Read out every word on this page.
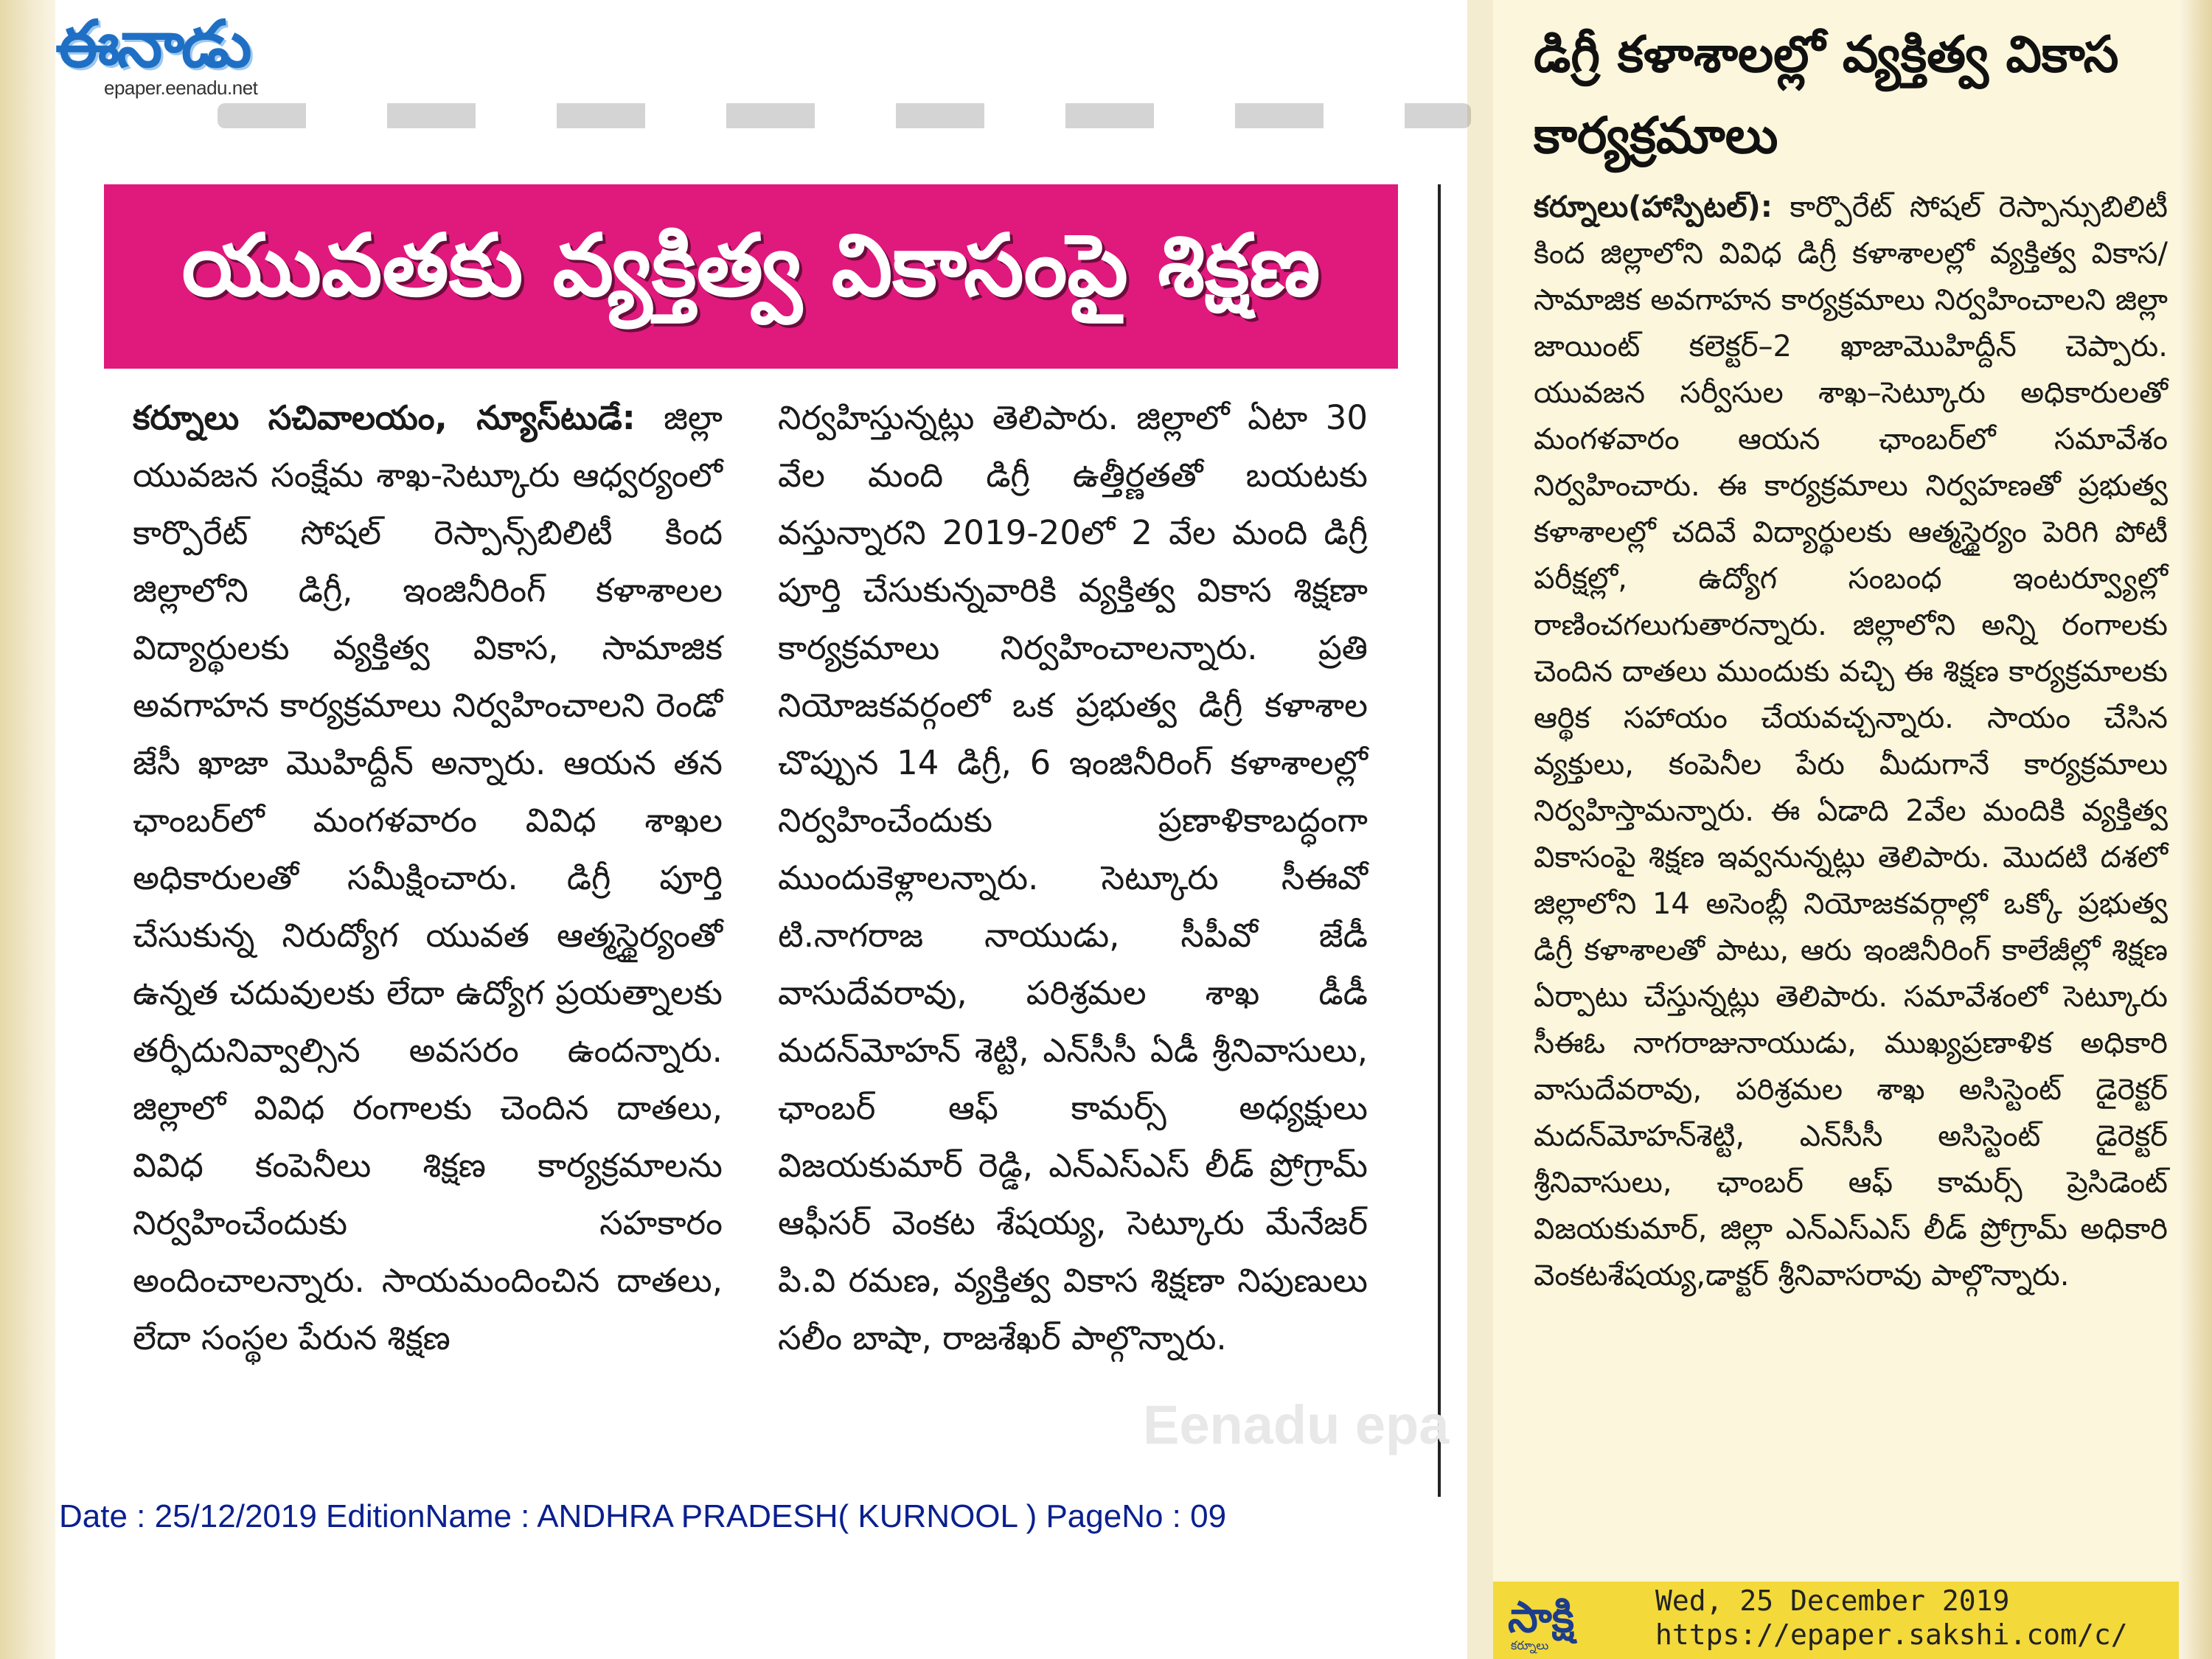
ఈనాడు
epaper.eenadu.net
యువతకు వ్యక్తిత్వ వికాసంపై శిక్షణ
కర్నూలు సచివాలయం, న్యూస్‌టుడే: జిల్లా యువజన సంక్షేమ శాఖ-సెట్కూరు ఆధ్వర్యంలో కార్పొరేట్‌ సోషల్‌ రెస్పాన్స్‌బిలిటీ కింద జిల్లాలోని డిగ్రీ, ఇంజినీరింగ్‌ కళాశాలల విద్యార్థులకు వ్యక్తిత్వ వికాస, సామాజిక అవగాహన కార్యక్రమాలు నిర్వహించాలని రెండో జేసీ ఖాజా మొహిద్దీన్‌ అన్నారు. ఆయన తన ఛాంబర్‌లో మంగళవారం వివిధ శాఖల అధికారులతో సమీక్షించారు. డిగ్రీ పూర్తి చేసుకున్న నిరుద్యోగ యువత ఆత్మస్థైర్యంతో ఉన్నత చదువులకు లేదా ఉద్యోగ ప్రయత్నాలకు తర్ఫీదునివ్వాల్సిన అవసరం ఉందన్నారు. జిల్లాలో వివిధ రంగాలకు చెందిన దాతలు, వివిధ కంపెనీలు శిక్షణ కార్యక్రమాలను నిర్వహించేందుకు సహకారం అందించాలన్నారు. సాయమందించిన దాతలు, లేదా సంస్థల పేరున శిక్షణ
నిర్వహిస్తున్నట్లు తెలిపారు. జిల్లాలో ఏటా 30 వేల మంది డిగ్రీ ఉత్తీర్ణతతో బయటకు వస్తున్నారని 2019-20లో 2 వేల మంది డిగ్రీ పూర్తి చేసుకున్నవారికి వ్యక్తిత్వ వికాస శిక్షణా కార్యక్రమాలు నిర్వహించాలన్నారు. ప్రతి నియోజకవర్గంలో ఒక ప్రభుత్వ డిగ్రీ కళాశాల చొప్పున 14 డిగ్రీ, 6 ఇంజినీరింగ్‌ కళాశాలల్లో నిర్వహించేందుకు ప్రణాళికాబద్ధంగా ముందుకెళ్లాలన్నారు. సెట్కూరు సీఈవో టి.నాగరాజ నాయుడు, సీపీవో జేడీ వాసుదేవరావు, పరిశ్రమల శాఖ డీడీ మదన్‌మోహన్‌ శెట్టి, ఎన్‌సీసీ ఏడీ శ్రీనివాసులు, ఛాంబర్‌ ఆఫ్‌ కామర్స్‌ అధ్యక్షులు విజయకుమార్‌ రెడ్డి, ఎన్‌ఎస్‌ఎస్‌ లీడ్‌ ప్రోగ్రామ్‌ ఆఫీసర్‌ వెంకట శేషయ్య, సెట్కూరు మేనేజర్‌ పి.వి రమణ, వ్యక్తిత్వ వికాస శిక్షణా నిపుణులు సలీం బాషా, రాజశేఖర్‌ పాల్గొన్నారు.
Eenadu epa
Date : 25/12/2019 EditionName : ANDHRA PRADESH( KURNOOL ) PageNo : 09
డిగ్రీ కళాశాలల్లో వ్యక్తిత్వ వికాస కార్యక్రమాలు
కర్నూలు(హాస్పిటల్‌): కార్పొరేట్‌ సోషల్‌ రెస్పాన్సుబిలిటీ కింద జిల్లాలోని వివిధ డిగ్రీ కళాశాలల్లో వ్యక్తిత్వ వికాస/సామాజిక అవగాహన కార్యక్రమాలు నిర్వహించాలని జిల్లా జాయింట్‌ కలెక్టర్‌–2 ఖాజామొహిద్దీన్‌ చెప్పారు. యువజన సర్వీసుల శాఖ–సెట్కూరు అధికారులతో మంగళవారం ఆయన ఛాంబర్‌లో సమావేశం నిర్వహించారు. ఈ కార్యక్రమాలు నిర్వహణతో ప్రభుత్వ కళాశాలల్లో చదివే విద్యార్థులకు ఆత్మస్థైర్యం పెరిగి పోటీ పరీక్షల్లో, ఉద్యోగ సంబంధ ఇంటర్వ్యూల్లో రాణించగలుగుతారన్నారు. జిల్లాలోని అన్ని రంగాలకు చెందిన దాతలు ముందుకు వచ్చి ఈ శిక్షణ కార్యక్రమాలకు ఆర్థిక సహాయం చేయవచ్చన్నారు. సాయం చేసిన వ్యక్తులు, కంపెనీల పేరు మీదుగానే కార్యక్రమాలు నిర్వహిస్తామన్నారు. ఈ ఏడాది 2వేల మందికి వ్యక్తిత్వ వికాసంపై శిక్షణ ఇవ్వనున్నట్లు తెలిపారు. మొదటి దశలో జిల్లాలోని 14 అసెంబ్లీ నియోజకవర్గాల్లో ఒక్కో ప్రభుత్వ డిగ్రీ కళాశాలతో పాటు, ఆరు ఇంజినీరింగ్‌ కాలేజీల్లో శిక్షణ ఏర్పాటు చేస్తున్నట్లు తెలిపారు. సమావేశంలో సెట్కూరు సీఈఓ నాగరాజునాయుడు, ముఖ్యప్రణాళిక అధికారి వాసుదేవరావు, పరిశ్రమల శాఖ అసిస్టెంట్‌ డైరెక్టర్‌ మదన్‌మోహన్‌శెట్టి, ఎన్‌సీసీ అసిస్టెంట్‌ డైరెక్టర్‌ శ్రీనివాసులు, ఛాంబర్‌ ఆఫ్‌ కామర్స్‌ ప్రెసిడెంట్‌ విజయకుమార్‌, జిల్లా ఎన్‌ఎస్‌ఎస్‌ లీడ్‌ ప్రోగ్రామ్‌ అధికారి వెంకటశేషయ్య,డాక్టర్‌ శ్రీనివాసరావు పాల్గొన్నారు.
సాక్షి
కర్నూలు
Wed, 25 December 2019
https://epaper.sakshi.com/c/
